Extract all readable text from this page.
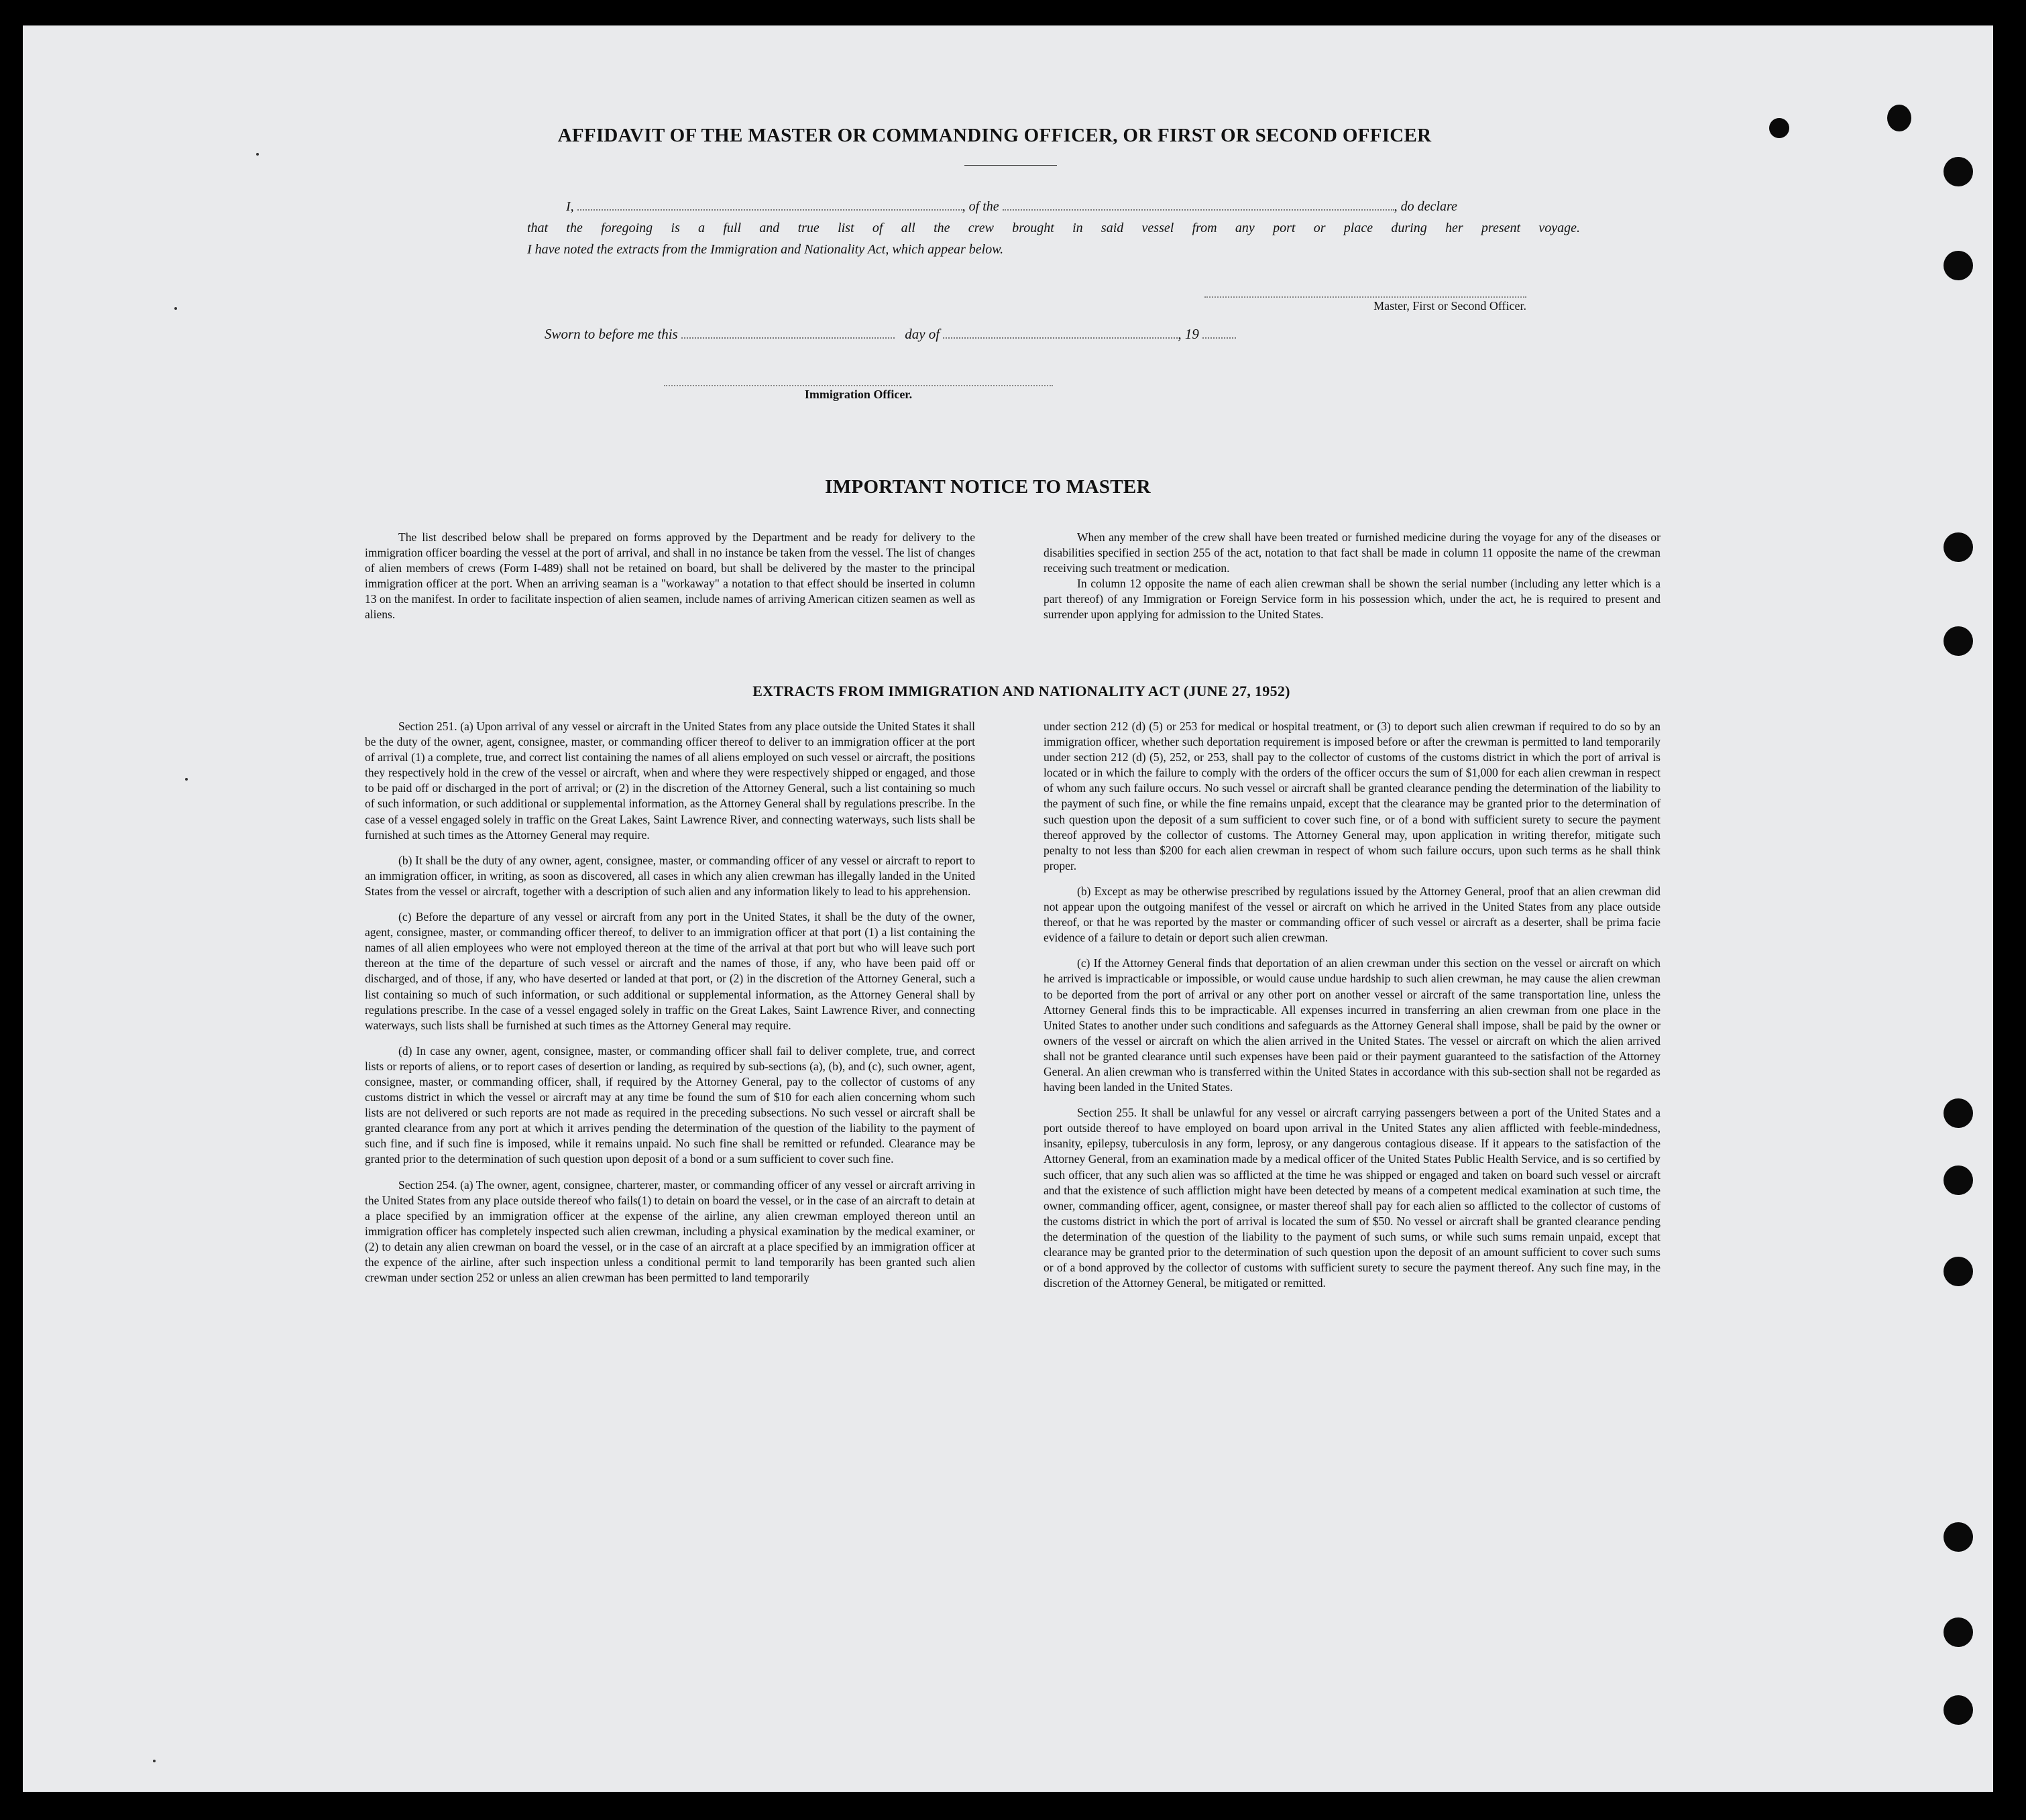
AFFIDAVIT OF THE MASTER OR COMMANDING OFFICER, OR FIRST OR SECOND OFFICER
I,	, of the	, do declare
that the foregoing is a full and true list of all the crew brought in said vessel from any port or place during her present voyage.
I have noted the extracts from the Immigration and Nationality Act, which appear below.
Master, First or Second Officer.
Sworn to before me this	day of	, 19
Immigration Officer.
IMPORTANT NOTICE TO MASTER

The list described below shall be prepared on forms approved by the Department and be ready for delivery to the immigration officer boarding the vessel at the port of arrival, and shall in no instance be taken from the vessel. The list of changes of alien members of crews (Form I-489) shall not be retained on board, but shall be delivered by the master to the principal immigration officer at the port. When an arriving seaman is a "workaway" a notation to that effect should be inserted in column 13 on the manifest. In order to facilitate inspection of alien seamen, include names of arriving American citizen seamen as well as aliens.

When any member of the crew shall have been treated or furnished medicine during the voyage for any of the diseases or disabilities specified in section 255 of the act, notation to that fact shall be made in column 11 opposite the name of the crewman receiving such treatment or medication.

In column 12 opposite the name of each alien crewman shall be shown the serial number (including any letter which is a part thereof) of any Immigration or Foreign Service form in his possession which, under the act, he is required to present and surrender upon applying for admission to the United States.

EXTRACTS FROM IMMIGRATION AND NATIONALITY ACT (JUNE 27, 1952)

Section 251. (a) Upon arrival of any vessel or aircraft in the United States from any place outside the United States it shall be the duty of the owner, agent, consignee, master, or commanding officer thereof to deliver to an immigration officer at the port of arrival (1) a complete, true, and correct list containing the names of all aliens employed on such vessel or aircraft, the positions they respectively hold in the crew of the vessel or aircraft, when and where they were respectively shipped or engaged, and those to be paid off or discharged in the port of arrival; or (2) in the discretion of the Attorney General, such a list containing so much of such information, or such additional or supplemental information, as the Attorney General shall by regulations prescribe. In the case of a vessel engaged solely in traffic on the Great Lakes, Saint Lawrence River, and connecting waterways, such lists shall be furnished at such times as the Attorney General may require.

(b) It shall be the duty of any owner, agent, consignee, master, or commanding officer of any vessel or aircraft to report to an immigration officer, in writing, as soon as discovered, all cases in which any alien crewman has illegally landed in the United States from the vessel or aircraft, together with a description of such alien and any information likely to lead to his apprehension.

(c) Before the departure of any vessel or aircraft from any port in the United States, it shall be the duty of the owner, agent, consignee, master, or commanding officer thereof, to deliver to an immigration officer at that port (1) a list containing the names of all alien employees who were not employed thereon at the time of the arrival at that port but who will leave such port thereon at the time of the departure of such vessel or aircraft and the names of those, if any, who have been paid off or discharged, and of those, if any, who have deserted or landed at that port, or (2) in the discretion of the Attorney General, such a list containing so much of such information, or such additional or supplemental information, as the Attorney General shall by regulations prescribe. In the case of a vessel engaged solely in traffic on the Great Lakes, Saint Lawrence River, and connecting waterways, such lists shall be furnished at such times as the Attorney General may require.

(d) In case any owner, agent, consignee, master, or commanding officer shall fail to deliver complete, true, and correct lists or reports of aliens, or to report cases of desertion or landing, as required by sub-sections (a), (b), and (c), such owner, agent, consignee, master, or commanding officer, shall, if required by the Attorney General, pay to the collector of customs of any customs district in which the vessel or aircraft may at any time be found the sum of $10 for each alien concerning whom such lists are not delivered or such reports are not made as required in the preceding subsections. No such vessel or aircraft shall be granted clearance from any port at which it arrives pending the determination of the question of the liability to the payment of such fine, and if such fine is imposed, while it remains unpaid. No such fine shall be remitted or refunded. Clearance may be granted prior to the determination of such question upon deposit of a bond or a sum sufficient to cover such fine.

Section 254. (a) The owner, agent, consignee, charterer, master, or commanding officer of any vessel or aircraft arriving in the United States from any place outside thereof who fails(1) to detain on board the vessel, or in the case of an aircraft to detain at a place specified by an immigration officer at the expense of the airline, any alien crewman employed thereon until an immigration officer has completely inspected such alien crewman, including a physical examination by the medical examiner, or (2) to detain any alien crewman on board the vessel, or in the case of an aircraft at a place specified by an immigration officer at the expence of the airline, after such inspection unless a conditional permit to land temporarily has been granted such alien crewman under section 252 or unless an alien crewman has been permitted to land temporarily

under section 212 (d) (5) or 253 for medical or hospital treatment, or (3) to deport such alien crewman if required to do so by an immigration officer, whether such deportation requirement is imposed before or after the crewman is permitted to land temporarily under section 212 (d) (5), 252, or 253, shall pay to the collector of customs of the customs district in which the port of arrival is located or in which the failure to comply with the orders of the officer occurs the sum of $1,000 for each alien crewman in respect of whom any such failure occurs. No such vessel or aircraft shall be granted clearance pending the determination of the liability to the payment of such fine, or while the fine remains unpaid, except that the clearance may be granted prior to the determination of such question upon the deposit of a sum sufficient to cover such fine, or of a bond with sufficient surety to secure the payment thereof approved by the collector of customs. The Attorney General may, upon application in writing therefor, mitigate such penalty to not less than $200 for each alien crewman in respect of whom such failure occurs, upon such terms as he shall think proper.

(b) Except as may be otherwise prescribed by regulations issued by the Attorney General, proof that an alien crewman did not appear upon the outgoing manifest of the vessel or aircraft on which he arrived in the United States from any place outside thereof, or that he was reported by the master or commanding officer of such vessel or aircraft as a deserter, shall be prima facie evidence of a failure to detain or deport such alien crewman.

(c) If the Attorney General finds that deportation of an alien crewman under this section on the vessel or aircraft on which he arrived is impracticable or impossible, or would cause undue hardship to such alien crewman, he may cause the alien crewman to be deported from the port of arrival or any other port on another vessel or aircraft of the same transportation line, unless the Attorney General finds this to be impracticable. All expenses incurred in transferring an alien crewman from one place in the United States to another under such conditions and safeguards as the Attorney General shall impose, shall be paid by the owner or owners of the vessel or aircraft on which the alien arrived in the United States. The vessel or aircraft on which the alien arrived shall not be granted clearance until such expenses have been paid or their payment guaranteed to the satisfaction of the Attorney General. An alien crewman who is transferred within the United States in accordance with this sub-section shall not be regarded as having been landed in the United States.

Section 255. It shall be unlawful for any vessel or aircraft carrying passengers between a port of the United States and a port outside thereof to have employed on board upon arrival in the United States any alien afflicted with feeble-mindedness, insanity, epilepsy, tuberculosis in any form, leprosy, or any dangerous contagious disease. If it appears to the satisfaction of the Attorney General, from an examination made by a medical officer of the United States Public Health Service, and is so certified by such officer, that any such alien was so afflicted at the time he was shipped or engaged and taken on board such vessel or aircraft and that the existence of such affliction might have been detected by means of a competent medical examination at such time, the owner, commanding officer, agent, consignee, or master thereof shall pay for each alien so afflicted to the collector of customs of the customs district in which the port of arrival is located the sum of $50. No vessel or aircraft shall be granted clearance pending the determination of the question of the liability to the payment of such sums, or while such sums remain unpaid, except that clearance may be granted prior to the determination of such question upon the deposit of an amount sufficient to cover such sums or of a bond approved by the collector of customs with sufficient surety to secure the payment thereof. Any such fine may, in the discretion of the Attorney General, be mitigated or remitted.
